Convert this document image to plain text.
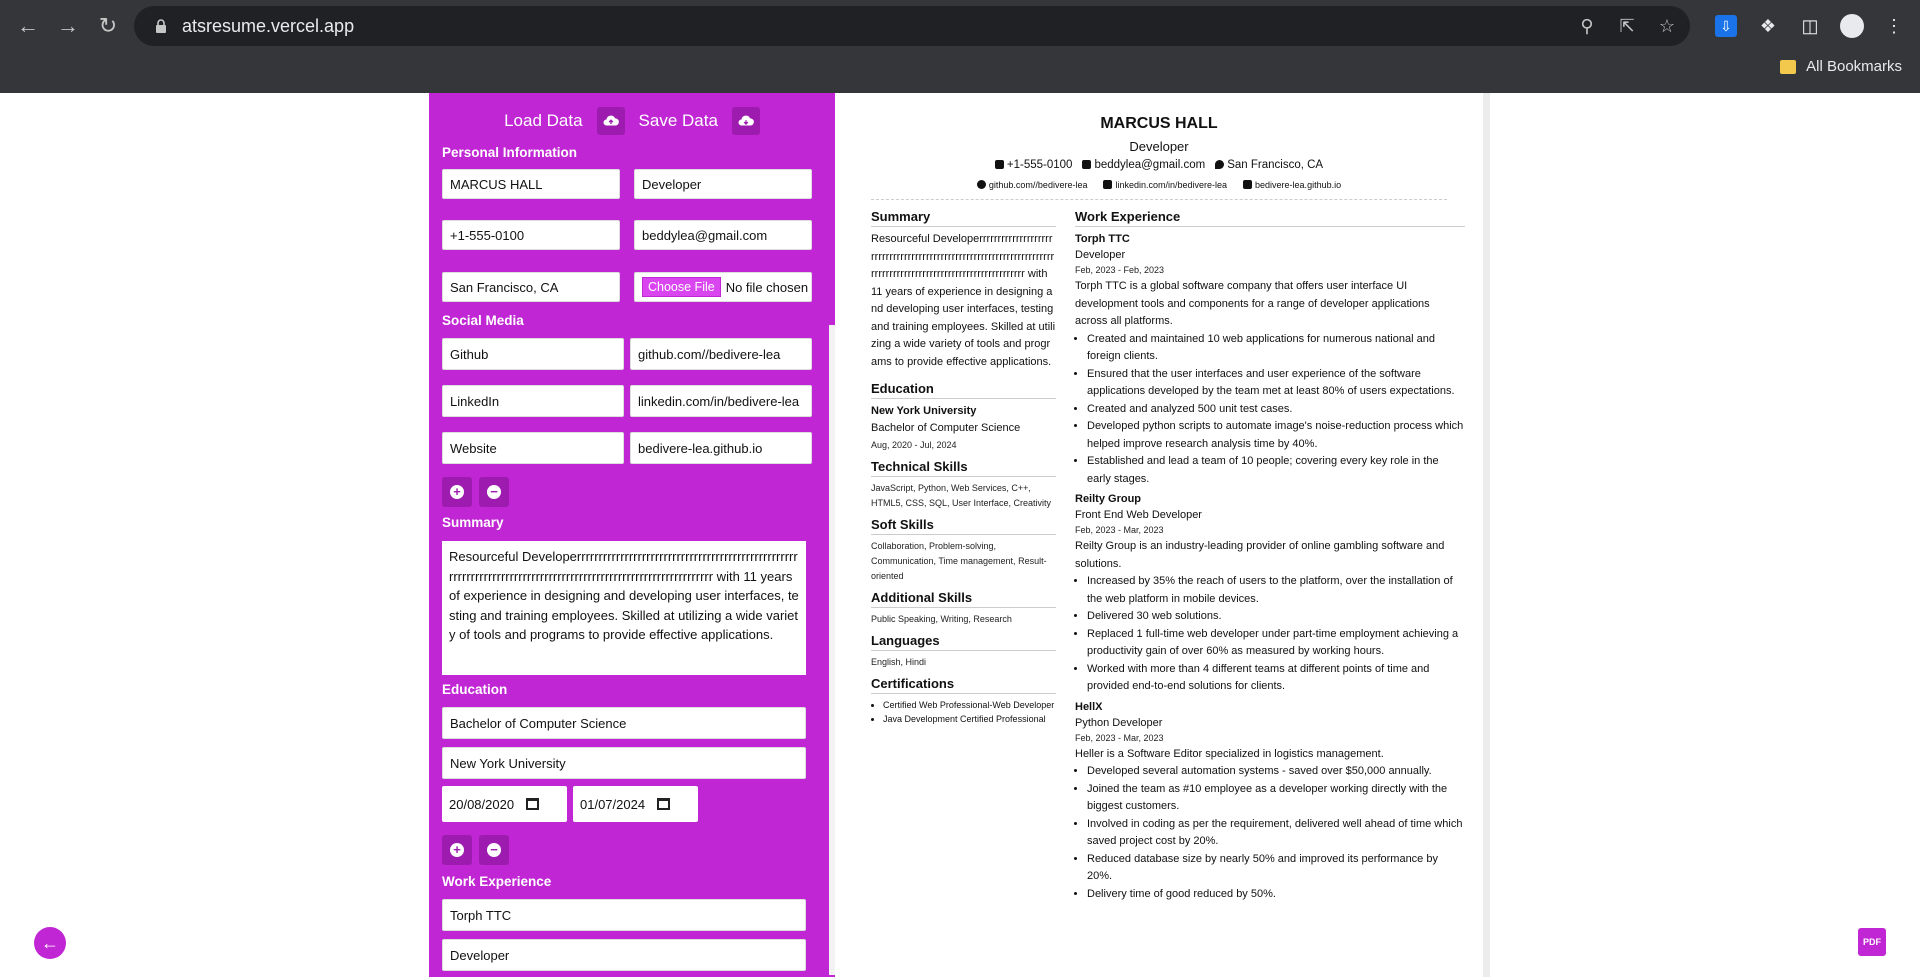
← → ↻	atsresume.vercel.app	⚲	⇱	☆	⇩	❖	◫	⋮
All Bookmarks
Load Data	Save Data
Personal Information
MARCUS HALL	Developer
+1-555-0100	beddylea@gmail.com
San Francisco, CA	Choose File No file chosen
Social Media
Github	github.com//bedivere-lea
LinkedIn	linkedin.com/in/bedivere-lea
Website	bedivere-lea.github.io
+ −
Summary
Resourceful Developerrrrrrrrrrrrrrrrrrrrrrrrrrrrrrrrrrrrrrrrrrrrrrrrrrrrrrrrrrrrrrrrrrrrrrrrrrrrrrrrrrrrrrrrrrrrrrrrrrrrrrrrrrrrrrrr with 11 years of experience in designing and developing user interfaces, testing and training employees. Skilled at utilizing a wide variety of tools and programs to provide effective applications.
Education
Bachelor of Computer Science
New York University
20/08/2020	01/07/2024
+ −
Work Experience
Torph TTC
Developer
MARCUS HALL
Developer
+1-555-0100	beddylea@gmail.com	San Francisco, CA
github.com//bedivere-lea	linkedin.com/in/bedivere-lea	bedivere-lea.github.io
Summary
Resourceful Developerrrrrrrrrrrrrrrrrrrrrrrrrrrrrrrrrrrrrrrrrrrrrrrrrrrrrrrrrrrrrrrrrrrrrrrrrrrrrrrrrrrrrrrrrrrrrrrrrrrrrrrrrrrrrrrr with 11 years of experience in designing and developing user interfaces, testing and training employees. Skilled at utilizing a wide variety of tools and programs to provide effective applications.
Education
New York University
Bachelor of Computer Science
Aug, 2020 - Jul, 2024
Technical Skills
JavaScript, Python, Web Services, C++, HTML5, CSS, SQL, User Interface, Creativity
Soft Skills
Collaboration, Problem-solving, Communication, Time management, Result-oriented
Additional Skills
Public Speaking, Writing, Research
Languages
English, Hindi
Certifications
• Certified Web Professional-Web Developer
• Java Development Certified Professional
Work Experience
Torph TTC
Developer
Feb, 2023 - Feb, 2023
Torph TTC is a global software company that offers user interface UI development tools and components for a range of developer applications across all platforms.
• Created and maintained 10 web applications for numerous national and foreign clients.
• Ensured that the user interfaces and user experience of the software applications developed by the team met at least 80% of users expectations.
• Created and analyzed 500 unit test cases.
• Developed python scripts to automate image's noise-reduction process which helped improve research analysis time by 40%.
• Established and lead a team of 10 people; covering every key role in the early stages.
Reilty Group
Front End Web Developer
Feb, 2023 - Mar, 2023
Reilty Group is an industry-leading provider of online gambling software and solutions.
• Increased by 35% the reach of users to the platform, over the installation of the web platform in mobile devices.
• Delivered 30 web solutions.
• Replaced 1 full-time web developer under part-time employment achieving a productivity gain of over 60% as measured by working hours.
• Worked with more than 4 different teams at different points of time and provided end-to-end solutions for clients.
HellX
Python Developer
Feb, 2023 - Mar, 2023
Heller is a Software Editor specialized in logistics management.
• Developed several automation systems - saved over $50,000 annually.
• Joined the team as #10 employee as a developer working directly with the biggest customers.
• Involved in coding as per the requirement, delivered well ahead of time which saved project cost by 20%.
• Reduced database size by nearly 50% and improved its performance by 20%.
• Delivery time of good reduced by 50%.
←	PDF
